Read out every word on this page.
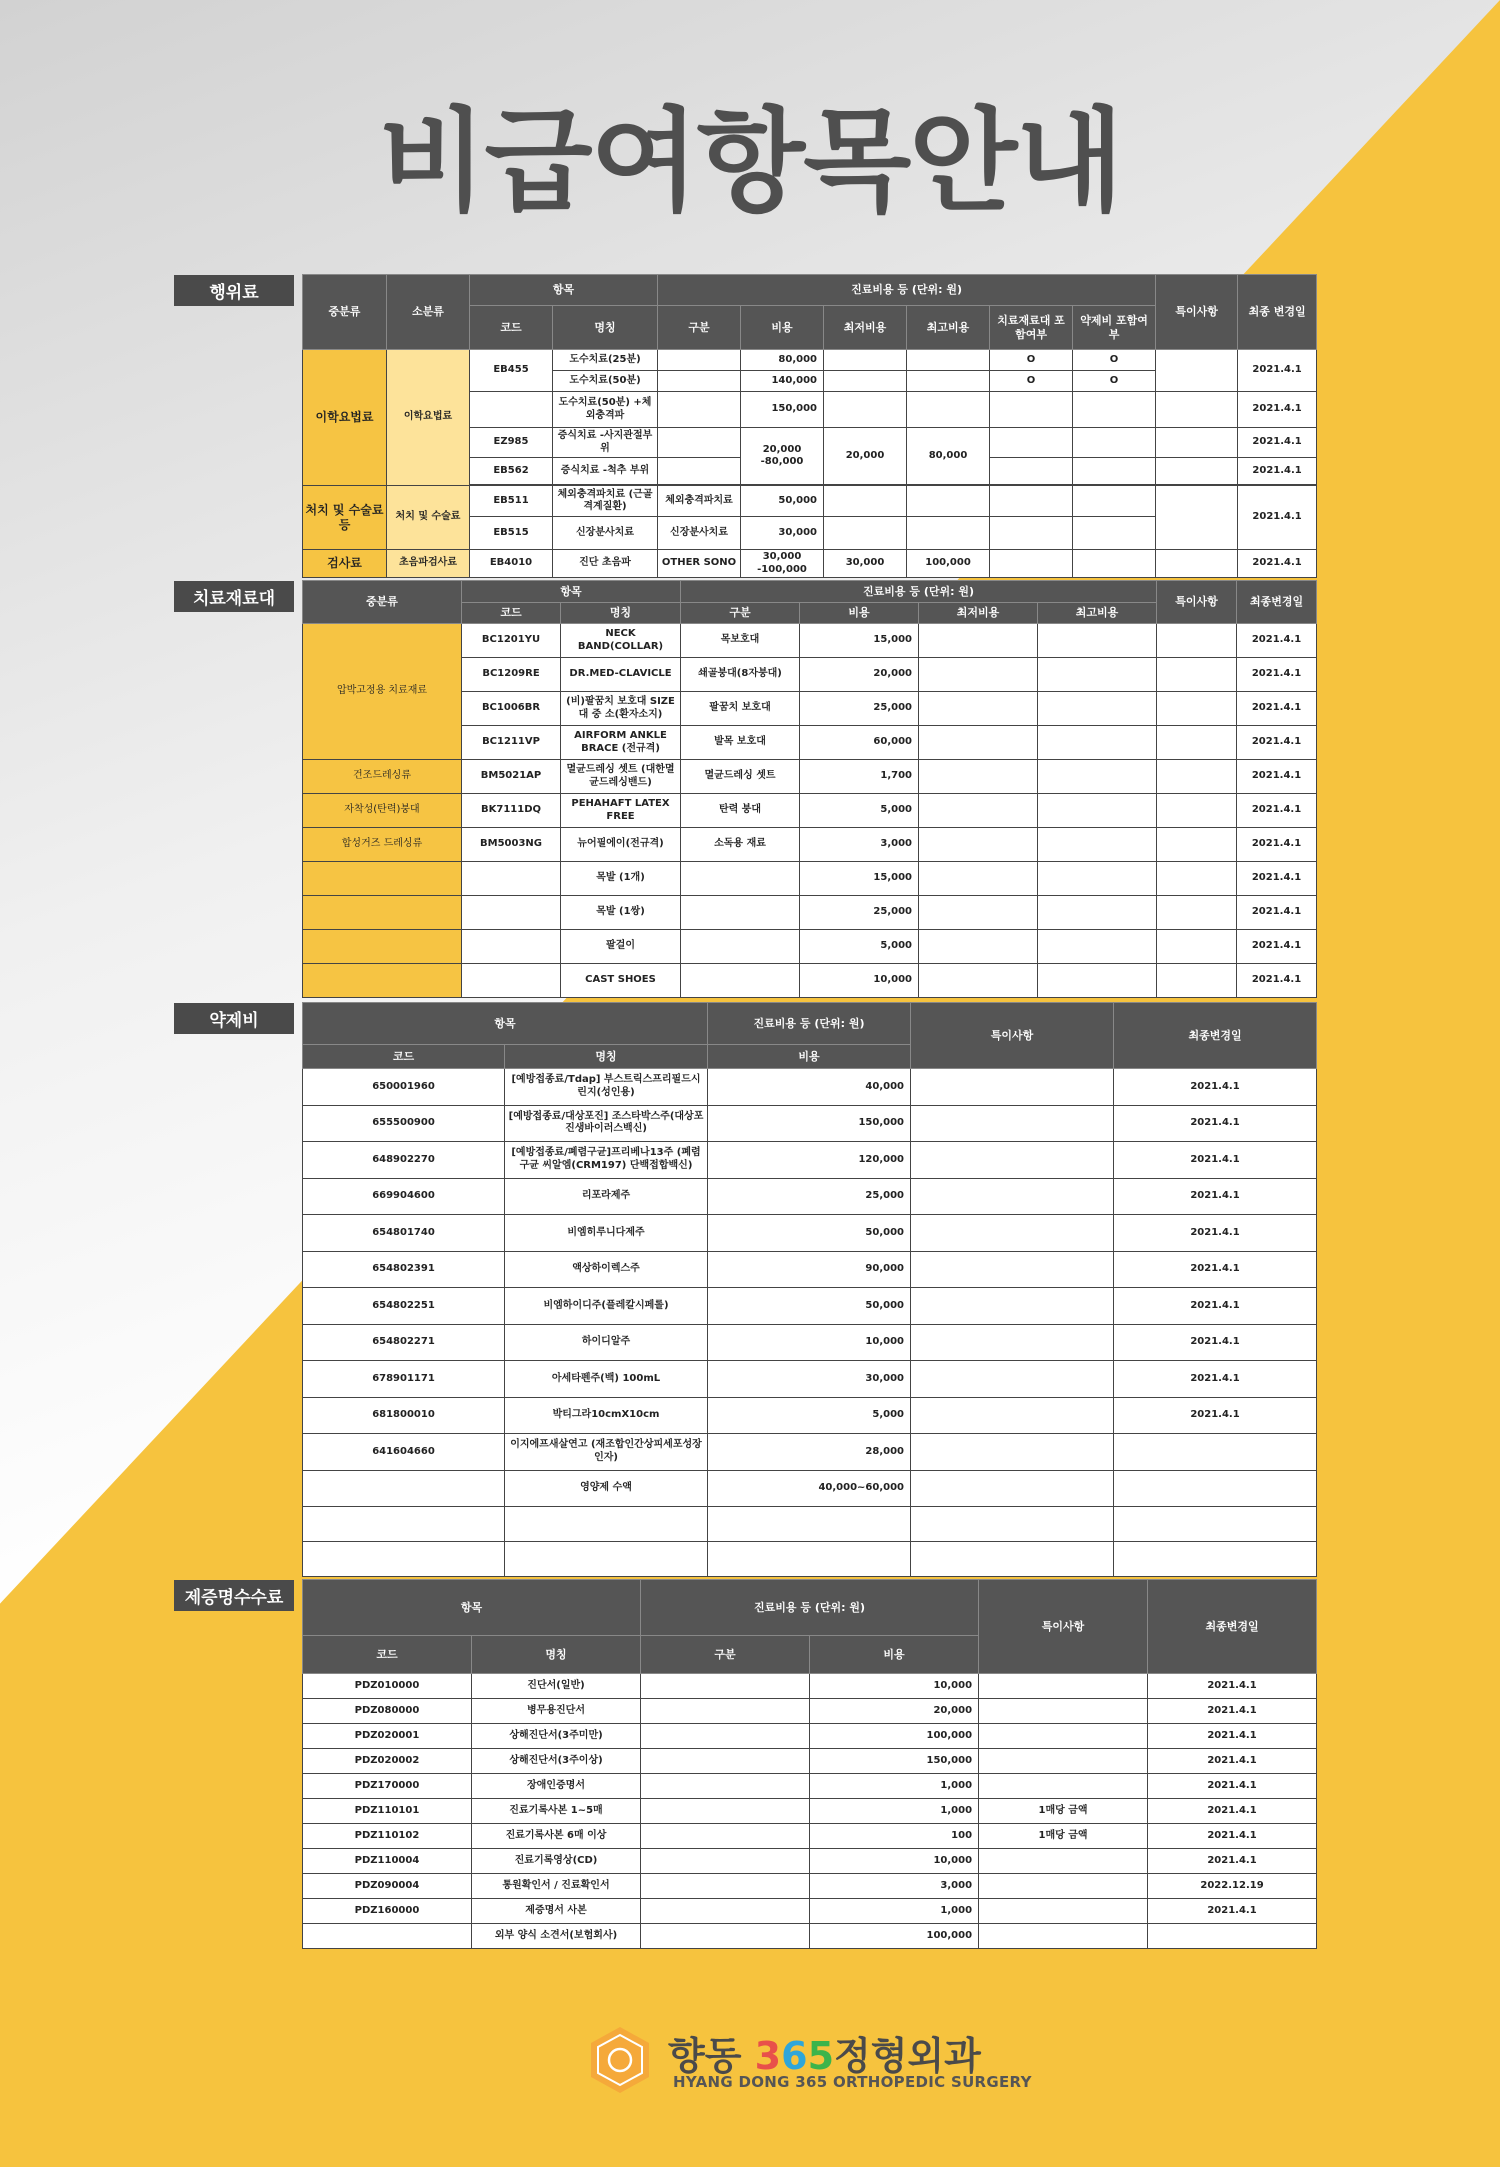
비급여항목안내
행위료
중분류	소분류	항목		진료비용 등 (단위: 원)						특이사항	최종 변경일
		코드	명칭	구분	비용	최저비용	최고비용	치료재료대 포함여부	약제비 포함여부		
이학요법료	이학요법료	EB455	도수치료(25분)		80,000			O	O		2021.4.1
			도수치료(50분)		140,000			O	O		
			도수치료(50분) +체외충격파		150,000						2021.4.1
		EZ985	증식치료 -사지관절부위		20,000 -80,000	20,000	80,000				2021.4.1
		EB562	증식치료 -척추 부위								2021.4.1

처치 및 수술료 등	처치 및 수술료	EB511	체외충격파치료 (근골격계질환)	체외충격파치료	50,000						2021.4.1
		EB515	신장분사치료	신장분사치료	30,000						
검사료	초음파검사료	EB4010	진단 초음파	OTHER SONO	30,000 -100,000	30,000	100,000				2021.4.1
치료재료대	중분류	항목		진료비용 등 (단위: 원)				특이사항	최종변경일
	코드	명칭	구분	비용	최저비용	최고비용		
압박고정용 치료재료	BC1201YU	NECK BAND(COLLAR)	목보호대	15,000				2021.4.1
	BC1209RE	DR.MED-CLAVICLE	쇄골붕대(8자붕대)	20,000				2021.4.1
	BC1006BR	(비)팔꿈치 보호대 SIZE 대 중 소(환자소지)	팔꿈치 보호대	25,000				2021.4.1
	BC1211VP	AIRFORM ANKLE BRACE (전규격)	발목 보호대	60,000				2021.4.1
건조드레싱류	BM5021AP	멸균드레싱 셋트 (대한멸균드레싱밴드)	멸균드레싱 셋트	1,700				2021.4.1
자착성(탄력)붕대	BK7111DQ	PEHAHAFT LATEX FREE	탄력 붕대	5,000				2021.4.1
합성거즈 드레싱류	BM5003NG	뉴어필에이(전규격)	소독용 재료	3,000				2021.4.1
		목발 (1개)		15,000				2021.4.1
		목발 (1쌍)		25,000				2021.4.1
		팔걸이		5,000				2021.4.1
		CAST SHOES		10,000				2021.4.1
약제비	항목		진료비용 등 (단위: 원)	특이사항	최종변경일
코드	명칭	비용		
650001960	[예방접종료/Tdap] 부스트릭스프리필드시린지(성인용)	40,000		2021.4.1
655500900	[예방접종료/대상포진] 조스타박스주(대상포진생바이러스백신)	150,000		2021.4.1
648902270	[예방접종료/폐렴구균]프리베나13주 (폐렴구균 씨알엠(CRM197) 단백접합백신)	120,000		2021.4.1
669904600	리포라제주	25,000		2021.4.1
654801740	비엠히루니다제주	50,000		2021.4.1
654802391	액상하이렉스주	90,000		2021.4.1
654802251	비엠하이디주(플레칼시페롤)	50,000		2021.4.1
654802271	하이디알주	10,000		2021.4.1
678901171	아세타펜주(백) 100mL	30,000		2021.4.1
681800010	박티그라10cmX10cm	5,000		2021.4.1
641604660	이지에프새살연고 (재조합인간상피세포성장인자)	28,000		
	영양제 수액	40,000~60,000		

제증명수수료	항목		진료비용 등 (단위: 원)		특이사항	최종변경일
코드	명칭	구분	비용		
PDZ010000	진단서(일반)		10,000		2021.4.1
PDZ080000	병무용진단서		20,000		2021.4.1
PDZ020001	상해진단서(3주미만)		100,000		2021.4.1
PDZ020002	상해진단서(3주이상)		150,000		2021.4.1
PDZ170000	장애인증명서		1,000		2021.4.1
PDZ110101	진료기록사본 1~5매		1,000	1매당 금액	2021.4.1
PDZ110102	진료기록사본 6매 이상		100	1매당 금액	2021.4.1
PDZ110004	진료기록영상(CD)		10,000		2021.4.1
PDZ090004	통원확인서 / 진료확인서		3,000		2022.12.19
PDZ160000	제증명서 사본		1,000		2021.4.1
	외부 양식 소견서(보험회사)		100,000		
향동 365정형외과
HYANG DONG 365 ORTHOPEDIC SURGERY
